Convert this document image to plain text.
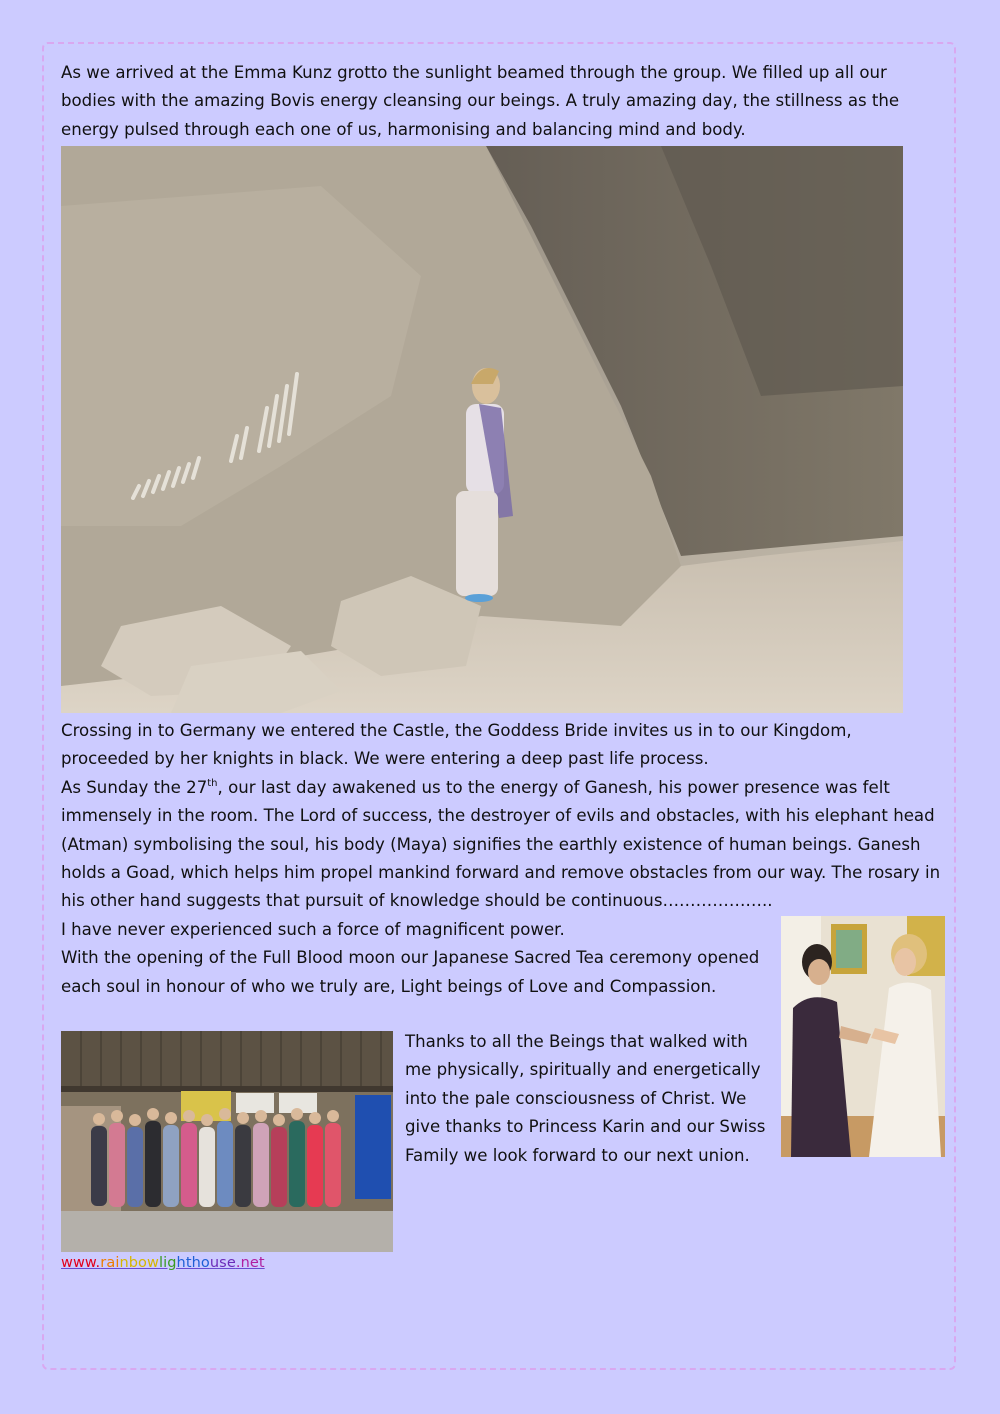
As we arrived at the Emma Kunz grotto the sunlight beamed through the group. We filled up all our bodies with the amazing Bovis energy cleansing our beings. A truly amazing day, the stillness as the energy pulsed through each one of us, harmonising and balancing mind and body.

Crossing in to Germany we entered the Castle, the Goddess Bride invites us in to our Kingdom, proceeded by her knights in black. We were entering a deep past life process.

As Sunday the 27th, our last day awakened us to the energy of Ganesh, his power presence was felt immensely in the room. The Lord of success, the destroyer of evils and obstacles, with his elephant head (Atman) symbolising the soul, his body (Maya) signifies the earthly existence of human beings. Ganesh holds a Goad, which helps him propel mankind forward and remove obstacles from our way. The rosary in his other hand suggests that pursuit of knowledge should be continuous………………..

I have never experienced such a force of magnificent power.

With the opening of the Full Blood moon our Japanese Sacred Tea ceremony opened each soul in honour of who we truly are, Light beings of Love and Compassion.

Thanks to all the Beings that walked with me physically, spiritually and energetically into the pale consciousness of Christ. We give thanks to Princess Karin and our Swiss Family we look forward to our next union.

www.rainbowlighthouse.net
